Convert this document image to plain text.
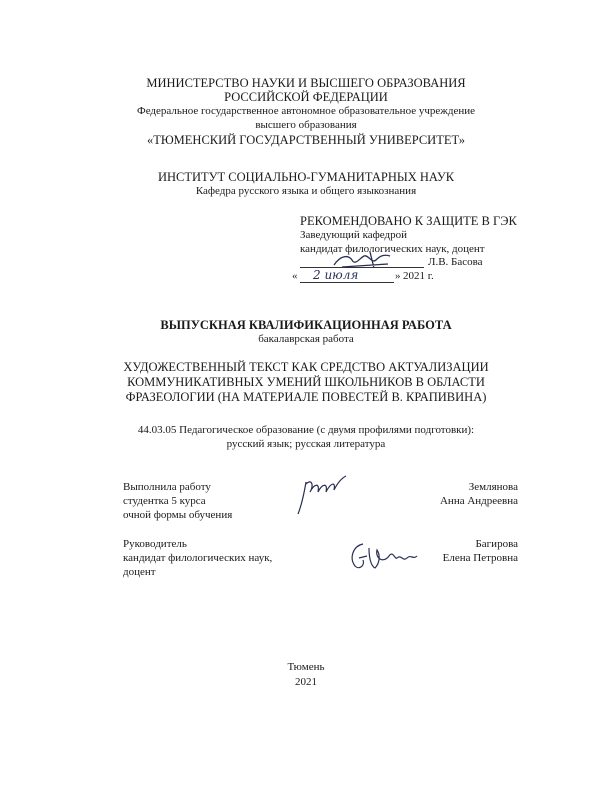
МИНИСТЕРСТВО НАУКИ И ВЫСШЕГО ОБРАЗОВАНИЯ
РОССИЙСКОЙ ФЕДЕРАЦИИ
Федеральное государственное автономное образовательное учреждение
высшего образования
«ТЮМЕНСКИЙ ГОСУДАРСТВЕННЫЙ УНИВЕРСИТЕТ»
ИНСТИТУТ СОЦИАЛЬНО-ГУМАНИТАРНЫХ НАУК
Кафедра русского языка и общего языкознания
РЕКОМЕНДОВАНО К ЗАЩИТЕ В ГЭК
Заведующий кафедрой
кандидат филологических наук, доцент
Л.В. Басова
« 2 июля	» 2021 г.
ВЫПУСКНАЯ КВАЛИФИКАЦИОННАЯ РАБОТА
бакалаврская работа
ХУДОЖЕСТВЕННЫЙ ТЕКСТ КАК СРЕДСТВО АКТУАЛИЗАЦИИ
КОММУНИКАТИВНЫХ УМЕНИЙ ШКОЛЬНИКОВ В ОБЛАСТИ
ФРАЗЕОЛОГИИ (НА МАТЕРИАЛЕ ПОВЕСТЕЙ В. КРАПИВИНА)
44.03.05 Педагогическое образование (с двумя профилями подготовки):
русский язык; русская литература
Выполнила работу
студентка 5 курса
очной формы обучения
Землянова
Анна Андреевна
Руководитель
кандидат филологических наук,
доцент
Багирова
Елена Петровна
Тюмень
2021
